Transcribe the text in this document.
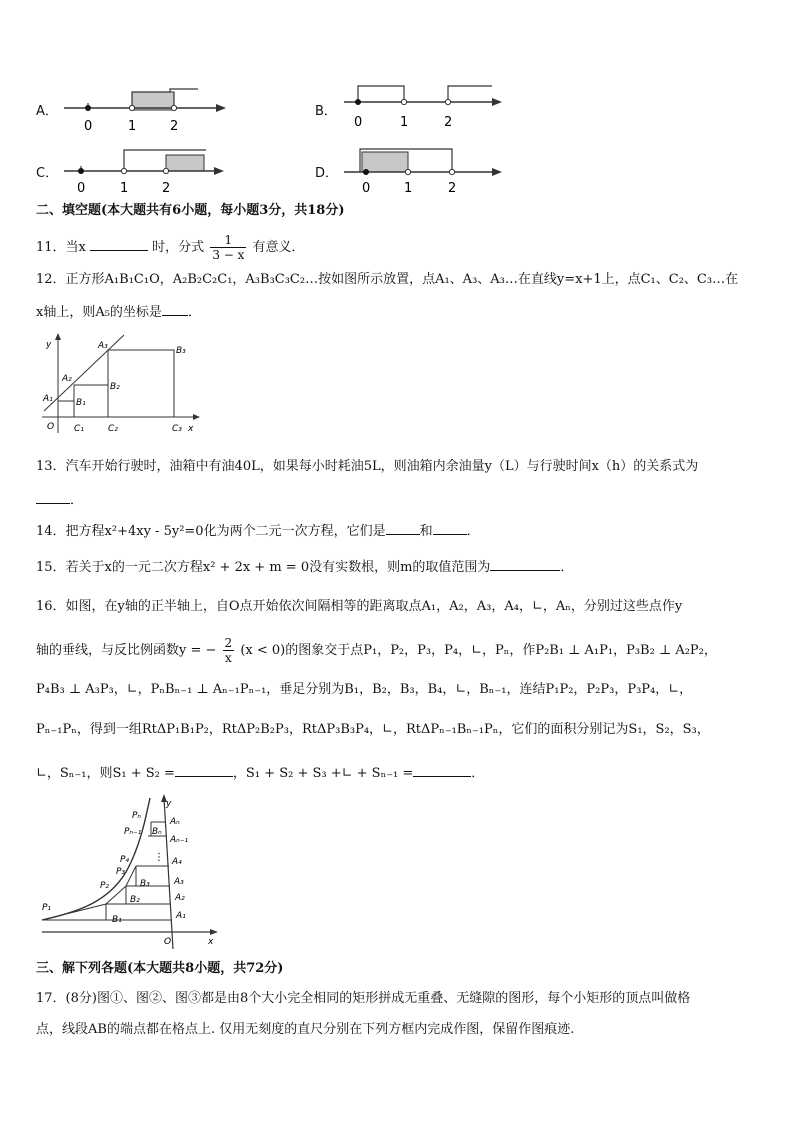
A．
0	1	2
B．
0	1	2
C．
0	1	2
D．
0	1	2
二、填空题(本大题共有6小题，每小题3分，共18分)
11．当x	时，分式 $\frac{1}{3 - x}$ 有意义．
12．正方形A₁B₁C₁O，A₂B₂C₂C₁，A₃B₃C₃C₂…按如图所示放置，点A₁、A₃、A₃…在直线y=x+1上，点C₁、C₂、C₃…在
x轴上，则A₅的坐标是 ．
y	A₃	B₃
A₂
B₂
A₁	B₁
O C₁	C₂	C₃ x
13．汽车开始行驶时，油箱中有油40L，如果每小时耗油5L，则油箱内余油量y（L）与行驶时间x（h）的关系式为
．
14．把方程x²+4xy - 5y²=0化为两个二元一次方程，它们是	和	．
15．若关于x的一元二次方程x² + 2x + m = 0没有实数根，则m的取值范围为	．
16．如图，在y轴的正半轴上，自O点开始依次间隔相等的距离取点A₁，A₂，A₃，A₄，∟，Aₙ，分别过这些点作y
轴的垂线，与反比例函数y = − $\frac{2}{x} (x < 0)$的图象交于点P₁，P₂，P₃，P₄，∟，Pₙ，作P₂B₁ ⊥ A₁P₁，P₃B₂ ⊥ A₂P₂，
P₄B₃ ⊥ A₃P₃，∟，PₙBₙ₋₁ ⊥ Aₙ₋₁Pₙ₋₁，垂足分别为B₁，B₂，B₃，B₄，∟，Bₙ₋₁，连结P₁P₂，P₂P₃，P₃P₄，∟，
Pₙ₋₁Pₙ，得到一组RtΔP₁B₁P₂，RtΔP₂B₂P₃，RtΔP₃B₃P₄，∟，RtΔPₙ₋₁Bₙ₋₁Pₙ，它们的面积分别记为S₁，S₂，S₃，
∟，Sₙ₋₁，则S₁ + S₂ =	，S₁ + S₂ + S₃ +∟ + Sₙ₋₁ =	．
⋮
y
Pₙ
Pₙ₋₁ Bₙ
Aₙ
Aₙ₋₁
P₄	A₄
P₃
B₃	A₃
P₂
B₂	A₂
P₁
B₁	A₁
O	x
三、解下列各题(本大题共8小题，共72分)
17．(8分)图①、图②、图③都是由8个大小完全相同的矩形拼成无重叠、无缝隙的图形，每个小矩形的顶点叫做格
点，线段AB的端点都在格点上. 仅用无刻度的直尺分别在下列方框内完成作图，保留作图痕迹.
